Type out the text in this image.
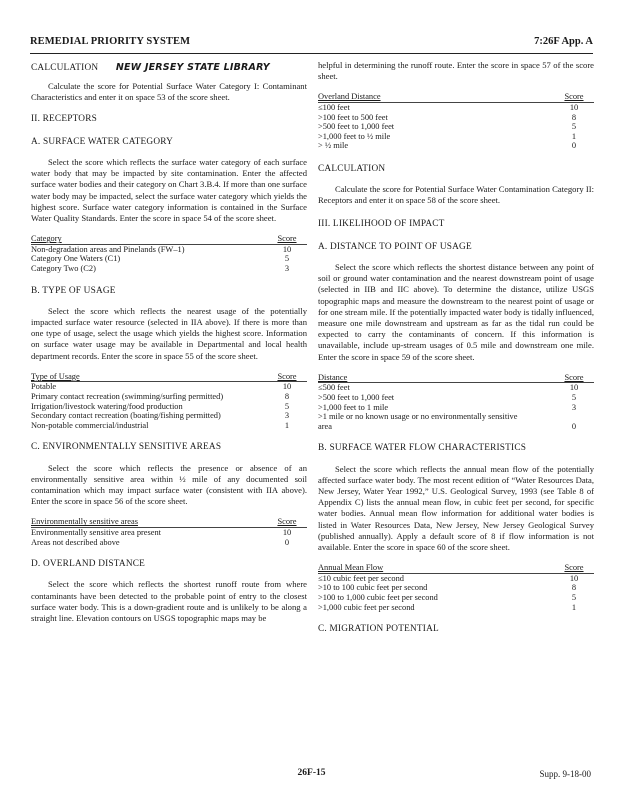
REMEDIAL PRIORITY SYSTEM	7:26F App. A
CALCULATION NEW JERSEY STATE LIBRARY

Calculate the score for Potential Surface Water Category I: Contaminant Characteristics and enter it on space 53 of the score sheet.

II. RECEPTORS
A. SURFACE WATER CATEGORY

Select the score which reflects the surface water category of each surface water body that may be impacted by site contamination. Enter the affected surface water bodies and their category on Chart 3.B.4. If more than one surface water body may be impacted, select the surface water category which yields the highest score. Surface water category information is contained in the Surface Water Quality Standards. Enter the score in space 54 of the score sheet.

Category	Score
Non-degradation areas and Pinelands (FW–1)	10
Category One Waters (C1)	5
Category Two (C2)	3
B. TYPE OF USAGE

Select the score which reflects the nearest usage of the potentially impacted surface water resource (selected in IIA above). If there is more than one type of usage, select the usage which yields the highest score. Information on surface water usage may be available in Departmental and local health department records. Enter the score in space 55 of the score sheet.

Type of Usage	Score
Potable	10
Primary contact recreation (swimming/surfing permitted)	8
Irrigation/livestock watering/food production	5
Secondary contact recreation (boating/fishing permitted)	3
Non-potable commercial/industrial	1
C. ENVIRONMENTALLY SENSITIVE AREAS

Select the score which reflects the presence or absence of an environmentally sensitive area within ½ mile of any documented soil contamination which may impact surface water (consistent with IIA above). Enter the score in space 56 of the score sheet.

Environmentally sensitive areas	Score
Environmentally sensitive area present	10
Areas not described above	0
D. OVERLAND DISTANCE

Select the score which reflects the shortest runoff route from where contaminants have been detected to the probable point of entry to the closest surface water body. This is a down-gradient route and is unlikely to be along a straight line. Elevation contours on USGS topographic maps may be

helpful in determining the runoff route. Enter the score in space 57 of the score sheet.

Overland Distance	Score
≤100 feet	10
>100 feet to 500 feet	8
>500 feet to 1,000 feet	5
>1,000 feet to ½ mile	1
> ½ mile	0
CALCULATION

Calculate the score for Potential Surface Water Contamination Category II: Receptors and enter it on space 58 of the score sheet.

III. LIKELIHOOD OF IMPACT
A. DISTANCE TO POINT OF USAGE

Select the score which reflects the shortest distance between any point of soil or ground water contamination and the nearest downstream point of usage (selected in IIB and IIC above). To determine the distance, utilize USGS topographic maps and measure the downstream to the nearest point of usage or for one stream mile. If the potentially impacted water body is tidally influenced, measure one mile downstream and upstream as far as the tidal run could be expected to carry the contaminants of concern. If this information is unavailable, include up-stream usages of 0.5 mile and downstream one mile. Enter the score in space 59 of the score sheet.

Distance	Score
≤500 feet	10
>500 feet to 1,000 feet	5
>1,000 feet to 1 mile	3
>1 mile or no known usage or no environmentally sensitive area	0
B. SURFACE WATER FLOW CHARACTERISTICS

Select the score which reflects the annual mean flow of the potentially affected surface water body. The most recent edition of “Water Resources Data, New Jersey, Water Year 1992,” U.S. Geological Survey, 1993 (see Table 8 of Appendix C) lists the annual mean flow, in cubic feet per second, for specific water bodies. Annual mean flow information for additional water bodies is listed in Water Resources Data, New Jersey, New Jersey Geological Survey (published annually). Apply a default score of 8 if flow information is not available. Enter the score in space 60 of the score sheet.

Annual Mean Flow	Score
≤10 cubic feet per second	10
>10 to 100 cubic feet per second	8
>100 to 1,000 cubic feet per second	5
>1,000 cubic feet per second	1
C. MIGRATION POTENTIAL
26F-15	Supp. 9-18-00
